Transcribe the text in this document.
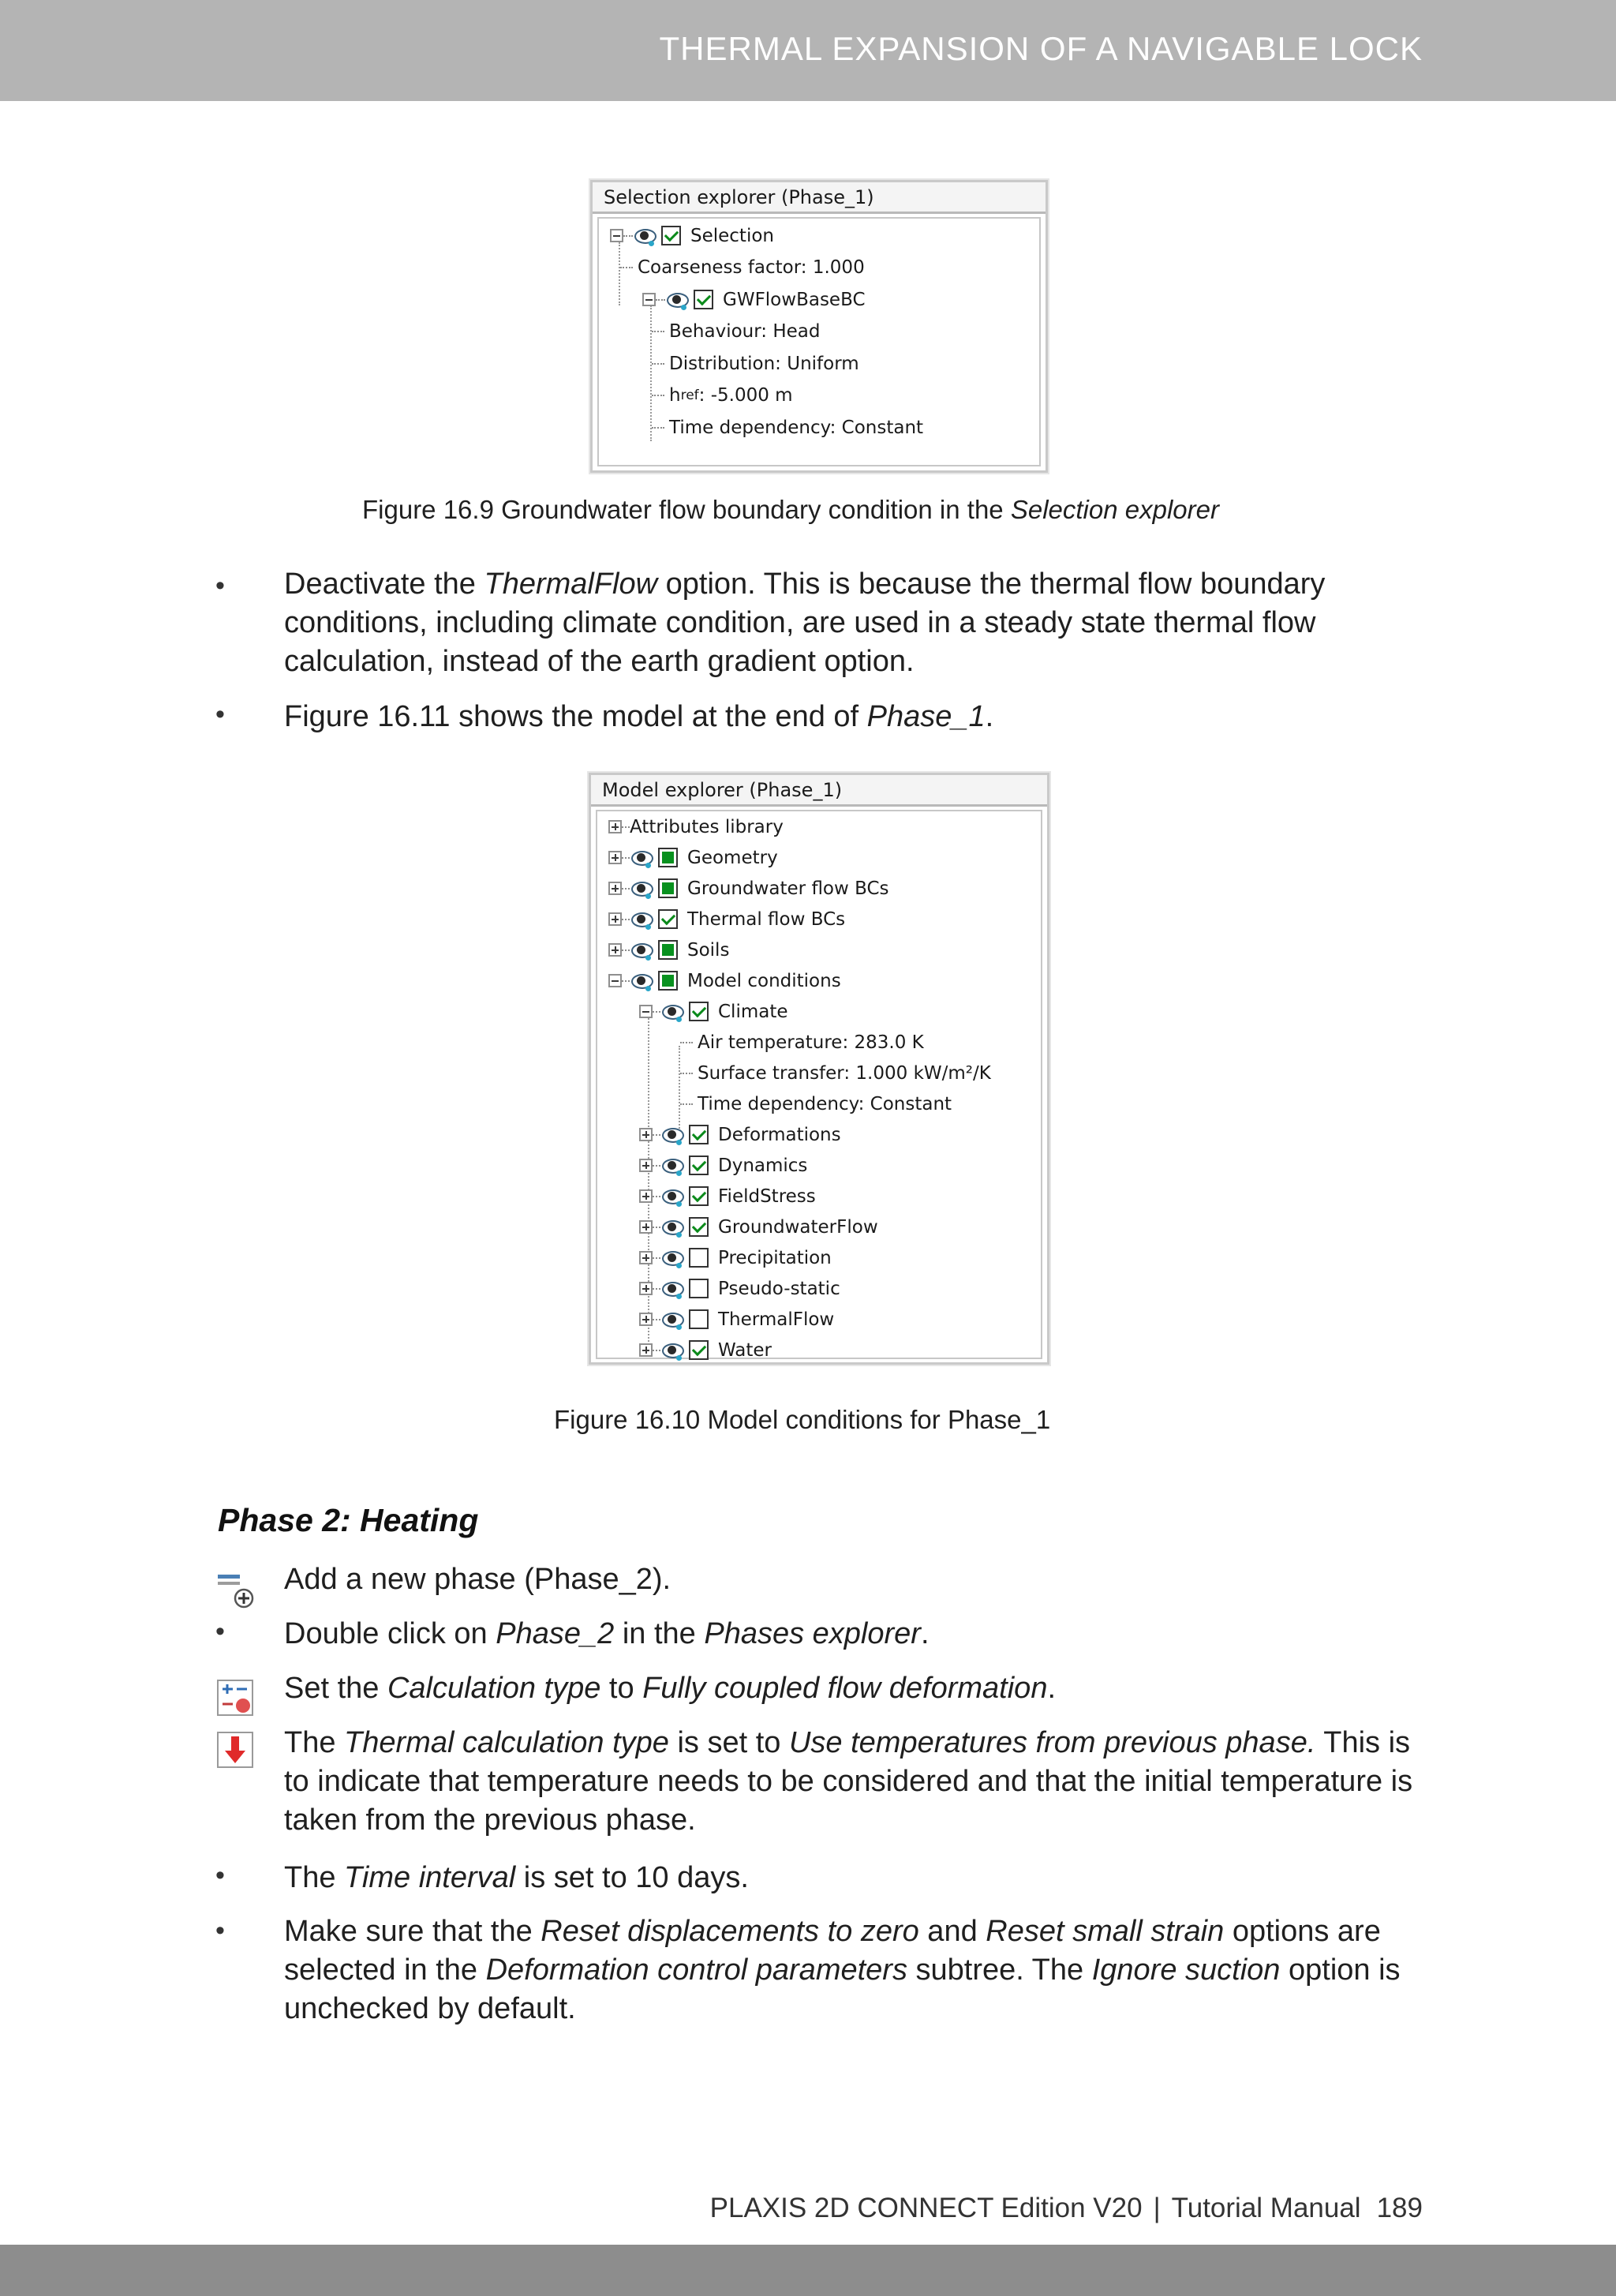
THERMAL EXPANSION OF A NAVIGABLE LOCK
Selection explorer (Phase_1)
Selection
Coarseness factor: 1.000
GWFlowBaseBC
Behaviour: Head
Distribution: Uniform
h ref : -5.000 m
Time dependency: Constant
Figure 16.9 Groundwater flow boundary condition in the Selection explorer
• Deactivate the ThermalFlow option. This is because the thermal flow boundary conditions, including climate condition, are used in a steady state thermal flow calculation, instead of the earth gradient option.
• Figure 16.11 shows the model at the end of Phase_1.
Model explorer (Phase_1)
Attributes library
Geometry
Groundwater flow BCs
Thermal flow BCs
Soils
Model conditions
Climate
Air temperature: 283.0 K
Surface transfer: 1.000 kW/m²/K
Time dependency: Constant
Deformations
Dynamics
FieldStress
GroundwaterFlow
Precipitation
Pseudo-static
ThermalFlow
Water
Figure 16.10 Model conditions for Phase_1
Phase 2: Heating
Add a new phase (Phase_2).
• Double click on Phase_2 in the Phases explorer.
Set the Calculation type to Fully coupled flow deformation.
The Thermal calculation type is set to Use temperatures from previous phase. This is to indicate that temperature needs to be considered and that the initial temperature is taken from the previous phase.
• The Time interval is set to 10 days.
• Make sure that the Reset displacements to zero and Reset small strain options are selected in the Deformation control parameters subtree. The Ignore suction option is unchecked by default.
PLAXIS 2D CONNECT Edition V20 | Tutorial Manual 189
